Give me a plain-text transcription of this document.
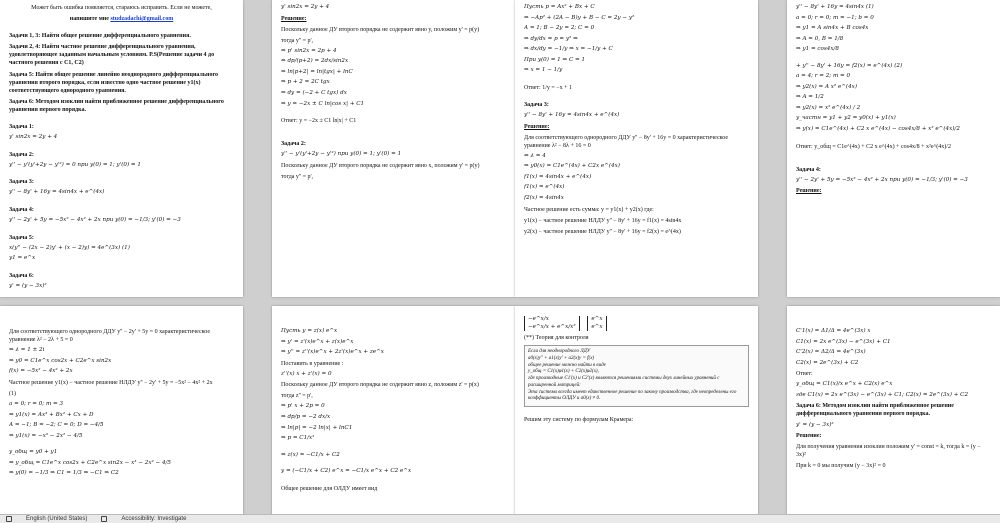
Может быть ошибка появляется, стараюсь исправить. Если не можете,
напишите мне studzadachi@gmail.com
Задачи 1, 3: Найти общее решение дифференциального уравнения.
Задачи 2, 4: Найти частное решение дифференциального уравнения, удовлетворяющее заданным начальным условиям. Р.S(Решение задачи 4 до частного решения с C1, C2)
Задача 5: Найти общее решение линейно неоднородного дифференциального уравнения второго порядка, если известно одно частное решение y1(x) соответствующего однородного уравнения.
Задача 6: Методом изоклин найти приближенное решение дифференциального уравнения первого порядка.
Задача 1:
y' sin2x = 2y + 4
Задача 2:
y'' − y'(y'+2y − y'²) = 0 при y(0) = 1; y'(0) = 1
Задача 3:
y'' − 8y' + 16y = 4sin4x + e^(4x)
Задача 4:
y'' − 2y' + 5y = −5x² − 4x² + 2x при y(0) = −1/3; y'(0) = −3
Задача 5:
x(y'' − (2x − 2)y' + (x − 2)y) = 4e^(3x) (1)
y1 = e^x
Задача 6:
y' = (y − 3x)²
y' sin2x = 2y + 4
Решение:
Поскольку данное ДУ второго порядка не содержит явно y, положим y' = p(y)
тогда y'' = p',
⇒ p' sin2x = 2p + 4
⇔ dp/(p+2) = 2dx/sin2x
⇒ ln|p+2| = ln|tgx| + lnC
⇒ p + 2 = 2C tgx
⇒ dy = (−2 + C tgx) dx
⇒ y = −2x ± C ln|cos x| + C1
Ответ: y = −2x ± C1 ln|x| + C1
Задача 2:
y'' − y'(y'+2y − y'²) при y(0) = 1; y'(0) = 1
Поскольку данное ДУ второго порядка не содержит явно x, положим y' = p(y)
тогда y'' = p',
Пусть p = Ax² + Bx + C
⇒ −Ap² + (2A − B)y + B − C = 2y − y²
A = 1; B − 2y = 2; C = 0
⇒ dy/dx = p = y² ⇒
⇒ dx/dy = −1/y ⇒ x = −1/y + C
При y(0) = 1 ⇒ C = 1
⇒ x = 1 − 1/y
Ответ: 1/y = −x + 1
Задача 3:
y'' − 8y' + 16y = 4sin4x + e^(4x)
Решение:
Для соответствующего однородного ДДУ y'' − 8y' + 16y = 0 характеристическое уравнение λ² − 8λ + 16 = 0
⇔ λ = 4
⇒ y0(x) = C1e^(4x) + C2x e^(4x)
f1(x) = 4sin4x + e^(4x)
f1(x) = e^(4x)
f2(x) = 4sin4x
Частное решение есть сумма: y = y1(x) + y2(x) где:
y1(x) − частное решение НЛДУ y'' − 8y' + 16y = f1(x) = 4sin4x
y2(x) − частное решение НЛДУ y'' − 8y' + 16y = f2(x) = e^(4x)
y'' − 8y' + 16y = 4sin4x (1)
a = 0; r = 0; m = −1; b = 0
⇒ y1 = A sin4x + B cos4x
⇒ A = 0, B = 1/8
⇒ y1 = cos4x/8
+ y'' − 8y' + 16y = f2(x) = e^(4x) (2)
a = 4; r = 2; m = 0
⇒ y2(x) = A x² e^(4x)
⇒ A = 1/2
⇒ y2(x) = x² e^(4x) / 2
y_частн = y1 + y2 = y0(x) + y1(x)
⇒ y(x) = C1e^(4x) + C2 x e^(4x) − cos4x/8 + x² e^(4x)/2
Ответ: y_общ = C1e^(4x) + C2 x e^(4x) + cos4x/8 + x²e^(4x)/2
Задача 4:
y'' − 2y' + 5y = −5x² − 4x² + 2x при y(0) = −1/3; y'(0) = −3
Решение:
Для соответствующего однородного ДДУ y'' − 2y' + 5y = 0 характеристическое уравнение λ² − 2λ + 5 = 0
⇒ λ = 1 ± 2i
⇒ y0 = C1e^x cos2x + C2e^x sin2x
f(x) = −5x² − 4x² + 2x
Частное решение y1(x) − частное решение НЛДУ y'' − 2y' + 5y = −5x² − 4x² + 2x
(1)
a = 0; r = 0; m = 3
⇒ y1(x) = Ax³ + Bx² + Cx + D
A = −1; B = −2; C = 0; D = −4/5
⇒ y1(x) = −x³ − 2x² − 4/5
y_общ = y0 + y1
⇒ y_общ = C1e^x cos2x + C2e^x sin2x − x³ − 2x² − 4/5
⇒ y(0) = −1/3 ⇒ C1 = 1/3 ⇒ −C1 ⇒ C2
Пусть y = z(x) e^x
⇒ y' = z'(x)e^x + z(x)e^x
⇒ y'' = z''(x)e^x + 2z'(x)e^x + ze^x
Поставить в уравнение :
z''(x) x + z'(x) = 0
Поскольку данное ДУ второго порядка не содержит явно z, положим z' = p(x)
тогда z'' = p',
⇒ p' x + 2p = 0
⇒ dp/p = −2 dx/x
⇒ ln|p| = −2 ln|x| + lnC1
⇒ p = C1/x²
⇒ z(x) = −C1/x + C2
y = (−C1/x + C2) e^x = −C1/x e^x + C2 e^x
Общее решение для ОЛДУ имеет вид
−e^x/x
−e^x/x + e^x/x² e^x
e^x
(**) Теория для контроля
Если для неоднородного ЛДУ
a0(x)y'' + a1(x)y' + a2(x)y = f(x)
общее решение можно найти в виде
y_общ = C1(x)φ1(x) + C2(x)φ2(x),
где производные C1'(x) и C2'(x) являются решениями системы двух линейных уравнений с расширенной матрицей:
Эта система всегда имеет единственное решение по закону производства, где неопределены его коэффициенты ОЛДУ и a0(x) ≠ 0.
Решим эту систему по формулам Крамера:
C'1(x) = Δ1/Δ = 4e^(3x) x
C1(x) = 2x e^(3x) − e^(3x) + C1
C'2(x) = Δ2/Δ = 4e^(3x)
C2(x) = 2e^(3x) + C2
Ответ:
y_общ = C1(x)/x e^x + C2(x) e^x
где C1(x) = 2x e^(3x) − e^(3x) + C1; C2(x) = 2e^(3x) + C2
Задача 6: Методом изоклин найти приближенное решение дифференциального уравнения первого порядка.
y' = (y − 3x)²
Решение:
Для получения уравнения изоклин положим y' = const = k, тогда k = (y − 3x)²
При k = 0 мы получим (y − 3x)² = 0
English (United States)	Accessibility: Investigate
